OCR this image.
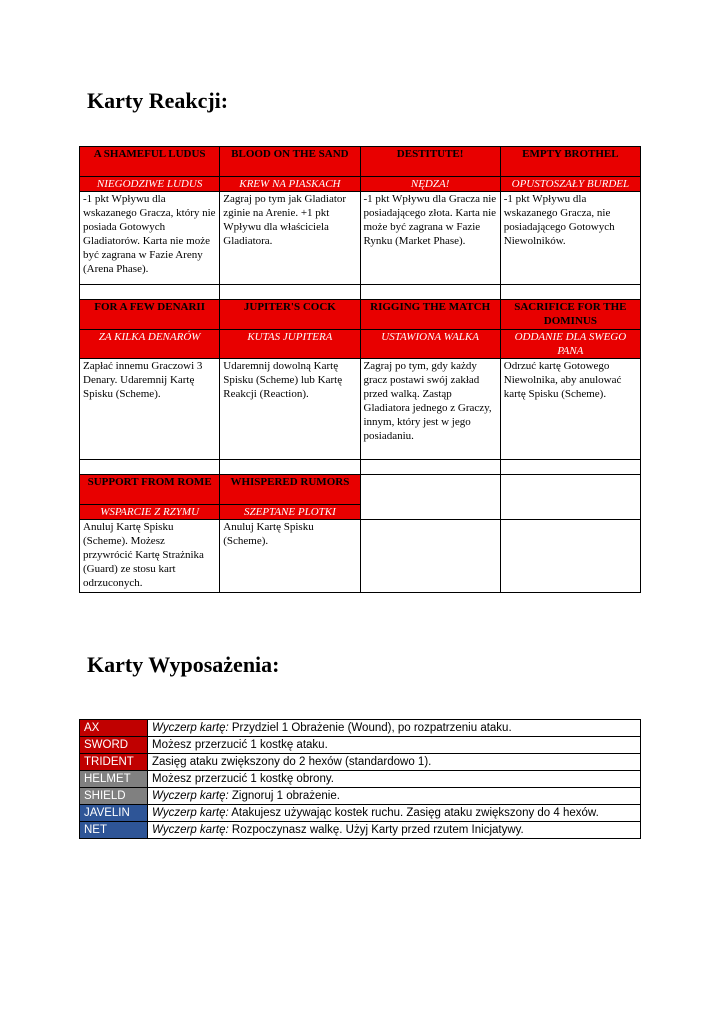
Karty Reakcji:
A SHAMEFUL LUDUS	BLOOD ON THE SAND	DESTITUTE!	EMPTY BROTHEL
NIEGODZIWE LUDUS	KREW NA PIASKACH	NĘDZA!	OPUSTOSZAŁY BURDEL
-1 pkt Wpływu dla wskazanego Gracza, który nie posiada Gotowych Gladiatorów. Karta nie może być zagrana w Fazie Areny (Arena Phase).	Zagraj po tym jak Gladiator zginie na Arenie. +1 pkt Wpływu dla właściciela Gladiatora.	-1 pkt Wpływu dla Gracza nie posiadającego złota. Karta nie może być zagrana w Fazie Rynku (Market Phase).	-1 pkt Wpływu dla wskazanego Gracza, nie posiadającego Gotowych Niewolników.

FOR A FEW DENARII	JUPITER'S COCK	RIGGING THE MATCH	SACRIFICE FOR THE DOMINUS
ZA KILKA DENARÓW	KUTAS JUPITERA	USTAWIONA WALKA	ODDANIE DLA SWEGO PANA
Zapłać innemu Graczowi 3 Denary. Udaremnij Kartę Spisku (Scheme).	Udaremnij dowolną Kartę Spisku (Scheme) lub Kartę Reakcji (Reaction).	Zagraj po tym, gdy każdy gracz postawi swój zakład przed walką. Zastąp Gladiatora jednego z Graczy, innym, który jest w jego posiadaniu.	Odrzuć kartę Gotowego Niewolnika, aby anulować kartę Spisku (Scheme).

SUPPORT FROM ROME	WHISPERED RUMORS		
WSPARCIE Z RZYMU	SZEPTANE PLOTKI		
Anuluj Kartę Spisku (Scheme). Możesz przywrócić Kartę Strażnika (Guard) ze stosu kart odrzuconych.	Anuluj Kartę Spisku (Scheme).		
Karty Wyposażenia:
AX	Wyczerp kartę: Przydziel 1 Obrażenie (Wound), po rozpatrzeniu ataku.
SWORD	Możesz przerzucić 1 kostkę ataku.
TRIDENT	Zasięg ataku zwiększony do 2 hexów (standardowo 1).
HELMET	Możesz przerzucić 1 kostkę obrony.
SHIELD	Wyczerp kartę: Zignoruj 1 obrażenie.
JAVELIN	Wyczerp kartę: Atakujesz używając kostek ruchu. Zasięg ataku zwiększony do 4 hexów.
NET	Wyczerp kartę: Rozpoczynasz walkę. Użyj Karty przed rzutem Inicjatywy.
